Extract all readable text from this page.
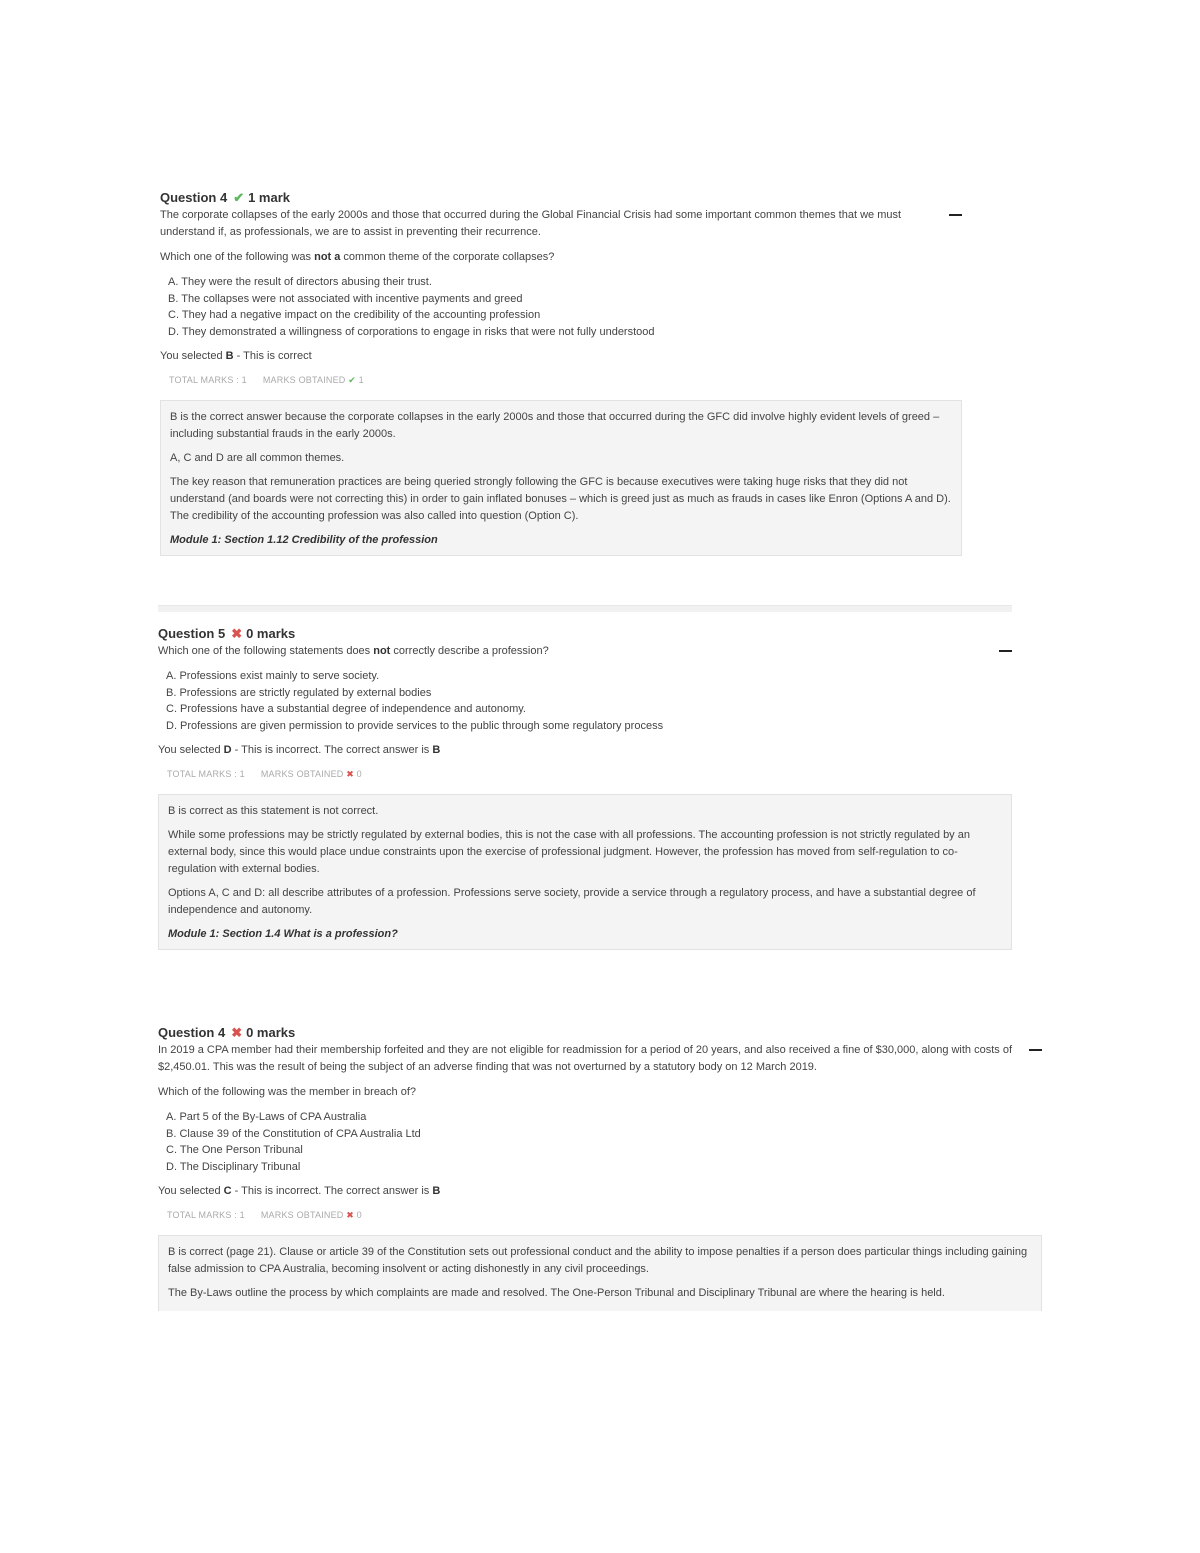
Question 4 ✔ 1 mark

The corporate collapses of the early 2000s and those that occurred during the Global Financial Crisis had some important common themes that we must understand if, as professionals, we are to assist in preventing their recurrence.

Which one of the following was not a common theme of the corporate collapses?

A. They were the result of directors abusing their trust.
B. The collapses were not associated with incentive payments and greed
C. They had a negative impact on the credibility of the accounting profession
D. They demonstrated a willingness of corporations to engage in risks that were not fully understood
You selected B - This is correct
TOTAL MARKS : 1 MARKS OBTAINED ✔ 1

B is the correct answer because the corporate collapses in the early 2000s and those that occurred during the GFC did involve highly evident levels of greed – including substantial frauds in the early 2000s.

A, C and D are all common themes.

The key reason that remuneration practices are being queried strongly following the GFC is because executives were taking huge risks that they did not understand (and boards were not correcting this) in order to gain inflated bonuses – which is greed just as much as frauds in cases like Enron (Options A and D). The credibility of the accounting profession was also called into question (Option C).

Module 1: Section 1.12 Credibility of the profession
Question 5 ✖ 0 marks

Which one of the following statements does not correctly describe a profession?

A. Professions exist mainly to serve society.
B. Professions are strictly regulated by external bodies
C. Professions have a substantial degree of independence and autonomy.
D. Professions are given permission to provide services to the public through some regulatory process
You selected D - This is incorrect. The correct answer is B
TOTAL MARKS : 1 MARKS OBTAINED ✖ 0

B is correct as this statement is not correct.

While some professions may be strictly regulated by external bodies, this is not the case with all professions. The accounting profession is not strictly regulated by an external body, since this would place undue constraints upon the exercise of professional judgment. However, the profession has moved from self-regulation to co-regulation with external bodies.

Options A, C and D: all describe attributes of a profession. Professions serve society, provide a service through a regulatory process, and have a substantial degree of independence and autonomy.

Module 1: Section 1.4 What is a profession?
Question 4 ✖ 0 marks

In 2019 a CPA member had their membership forfeited and they are not eligible for readmission for a period of 20 years, and also received a fine of $30,000, along with costs of $2,450.01. This was the result of being the subject of an adverse finding that was not overturned by a statutory body on 12 March 2019.

Which of the following was the member in breach of?

A. Part 5 of the By-Laws of CPA Australia
B. Clause 39 of the Constitution of CPA Australia Ltd
C. The One Person Tribunal
D. The Disciplinary Tribunal
You selected C - This is incorrect. The correct answer is B
TOTAL MARKS : 1 MARKS OBTAINED ✖ 0

B is correct (page 21). Clause or article 39 of the Constitution sets out professional conduct and the ability to impose penalties if a person does particular things including gaining false admission to CPA Australia, becoming insolvent or acting dishonestly in any civil proceedings.

The By-Laws outline the process by which complaints are made and resolved. The One-Person Tribunal and Disciplinary Tribunal are where the hearing is held.
